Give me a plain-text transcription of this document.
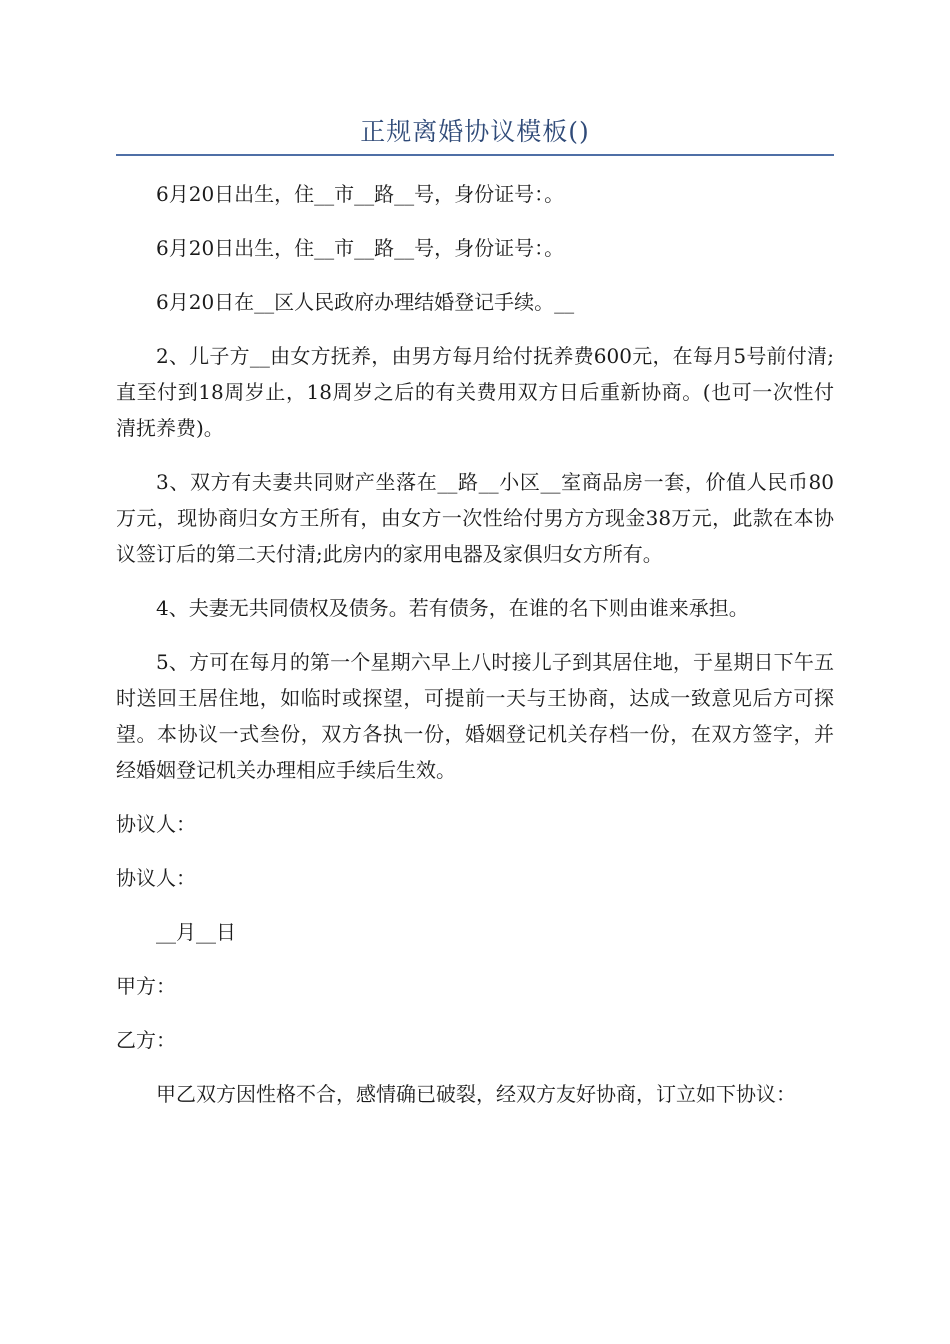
正规离婚协议模板()

6月20日出生，住__市__路__号，身份证号：。

6月20日出生，住__市__路__号，身份证号：。

6月20日在__区人民政府办理结婚登记手续。__

2、儿子方__由女方抚养，由男方每月给付抚养费600元，在每月5号前付清;直至付到18周岁止，18周岁之后的有关费用双方日后重新协商。(也可一次性付清抚养费)。

3、双方有夫妻共同财产坐落在__路__小区__室商品房一套，价值人民币80万元，现协商归女方王所有，由女方一次性给付男方方现金38万元，此款在本协议签订后的第二天付清;此房内的家用电器及家俱归女方所有。

4、夫妻无共同债权及债务。若有债务，在谁的名下则由谁来承担。

5、方可在每月的第一个星期六早上八时接儿子到其居住地，于星期日下午五时送回王居住地，如临时或探望，可提前一天与王协商，达成一致意见后方可探望。本协议一式叁份，双方各执一份，婚姻登记机关存档一份，在双方签字，并经婚姻登记机关办理相应手续后生效。

协议人：

协议人：

__月__日

甲方：

乙方：

甲乙双方因性格不合，感情确已破裂，经双方友好协商，订立如下协议：
